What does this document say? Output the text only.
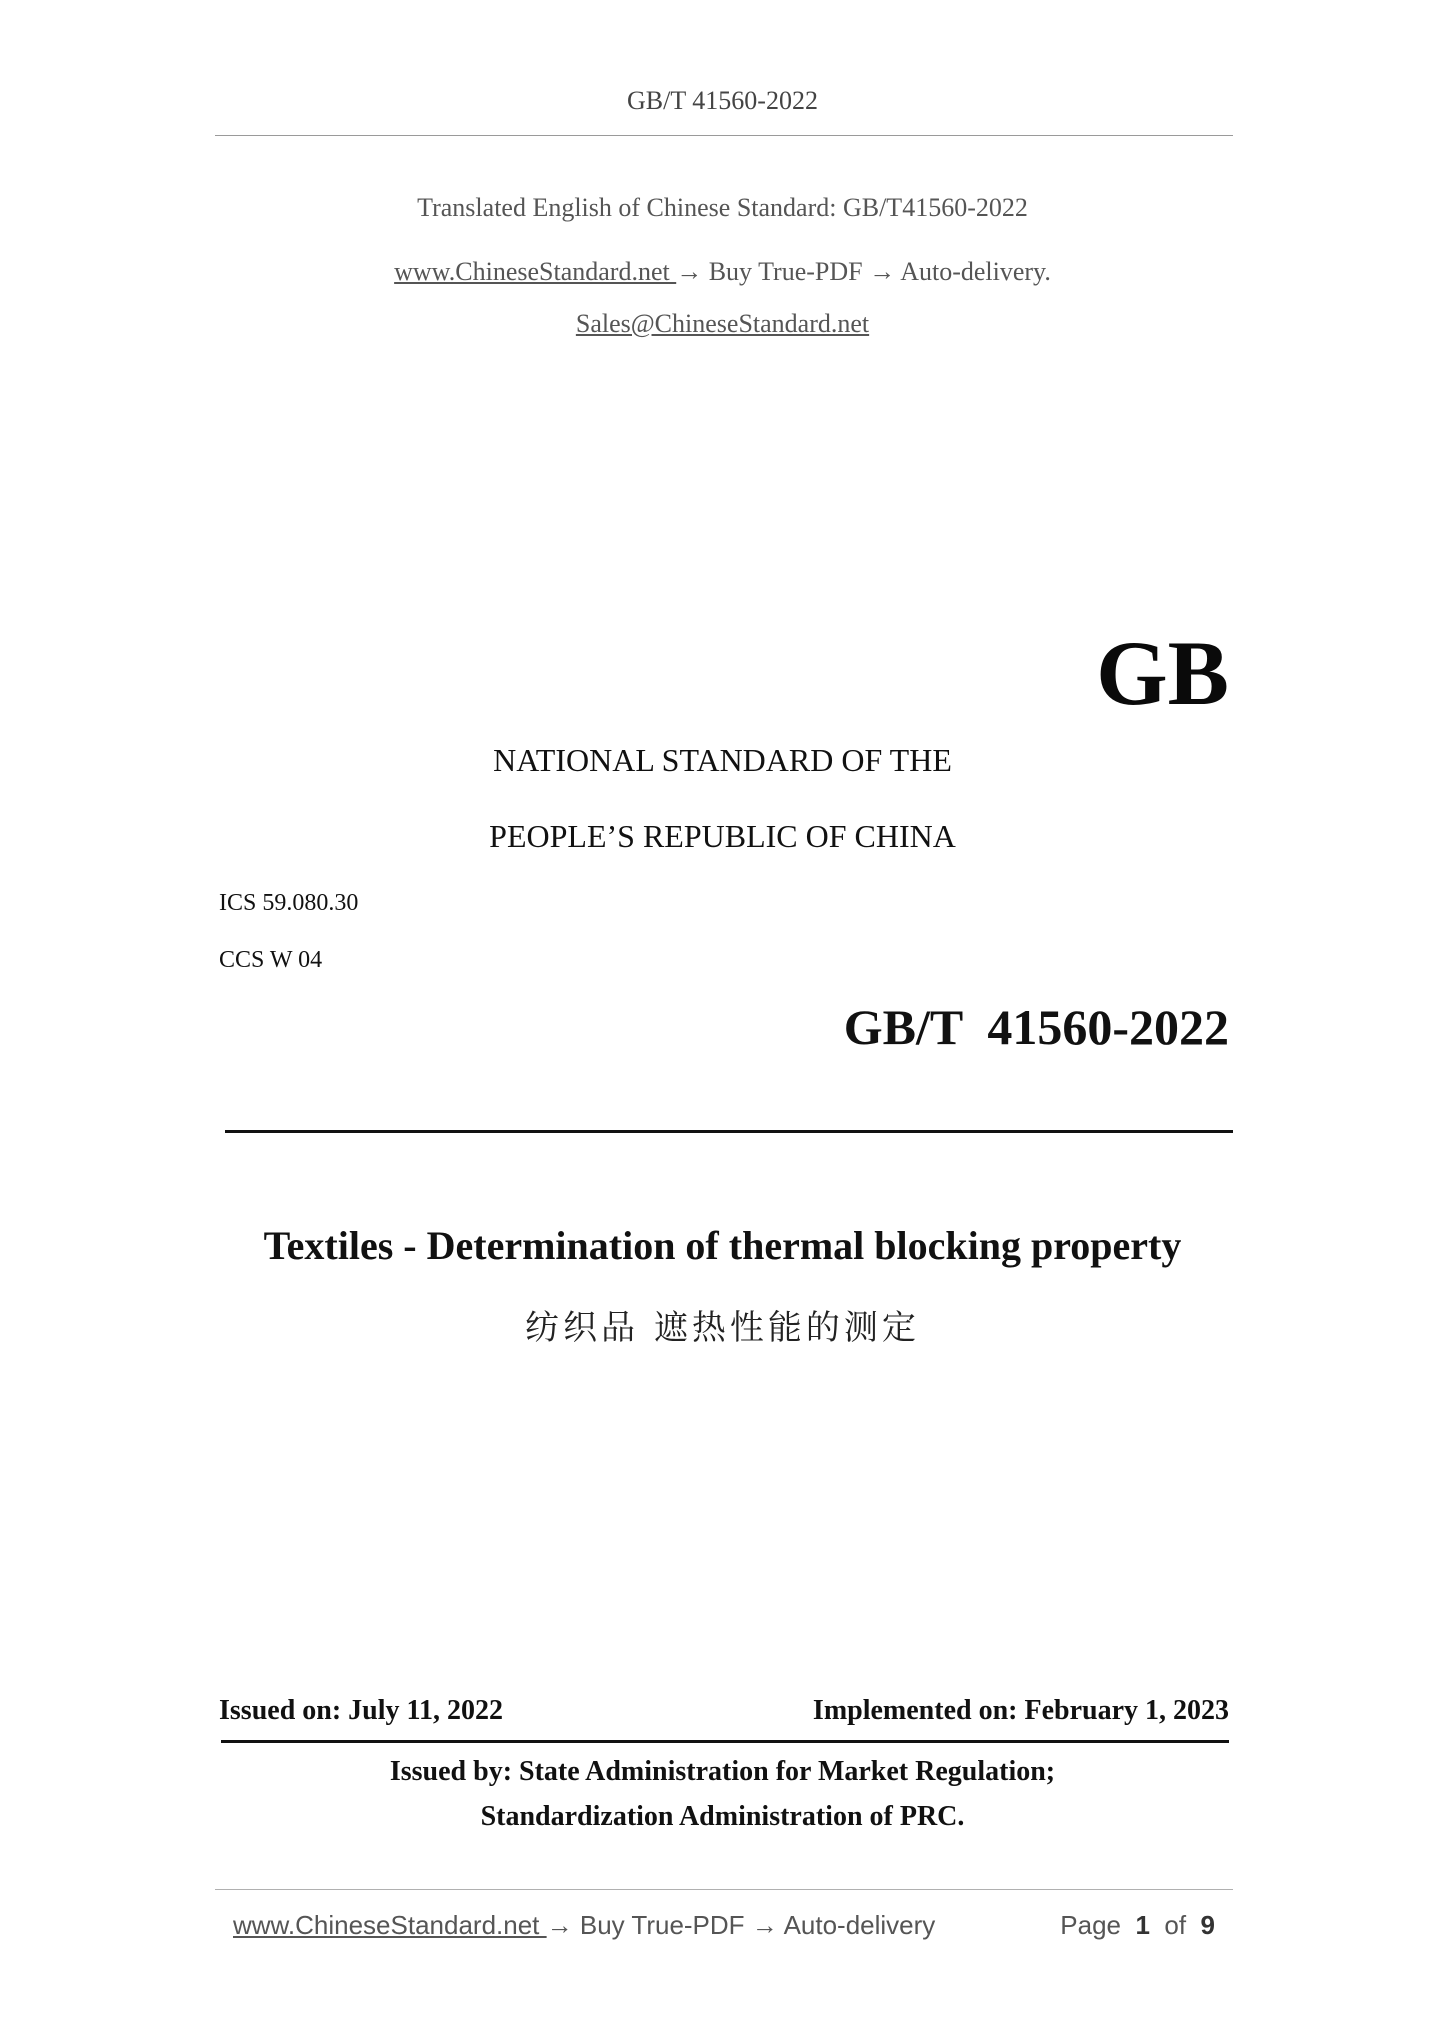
GB/T 41560-2022
Translated English of Chinese Standard: GB/T41560-2022
www.ChineseStandard.net → Buy True-PDF → Auto-delivery.
Sales@ChineseStandard.net
GB
NATIONAL STANDARD OF THE
PEOPLE’S REPUBLIC OF CHINA
ICS 59.080.30
CCS W 04
GB/T  41560-2022
Textiles - Determination of thermal blocking property
纺织品 遮热性能的测定
Issued on: July 11, 2022	Implemented on: February 1, 2023
Issued by: State Administration for Market Regulation;
Standardization Administration of PRC.
www.ChineseStandard.net → Buy True-PDF → Auto-delivery	Page 1 of 9
